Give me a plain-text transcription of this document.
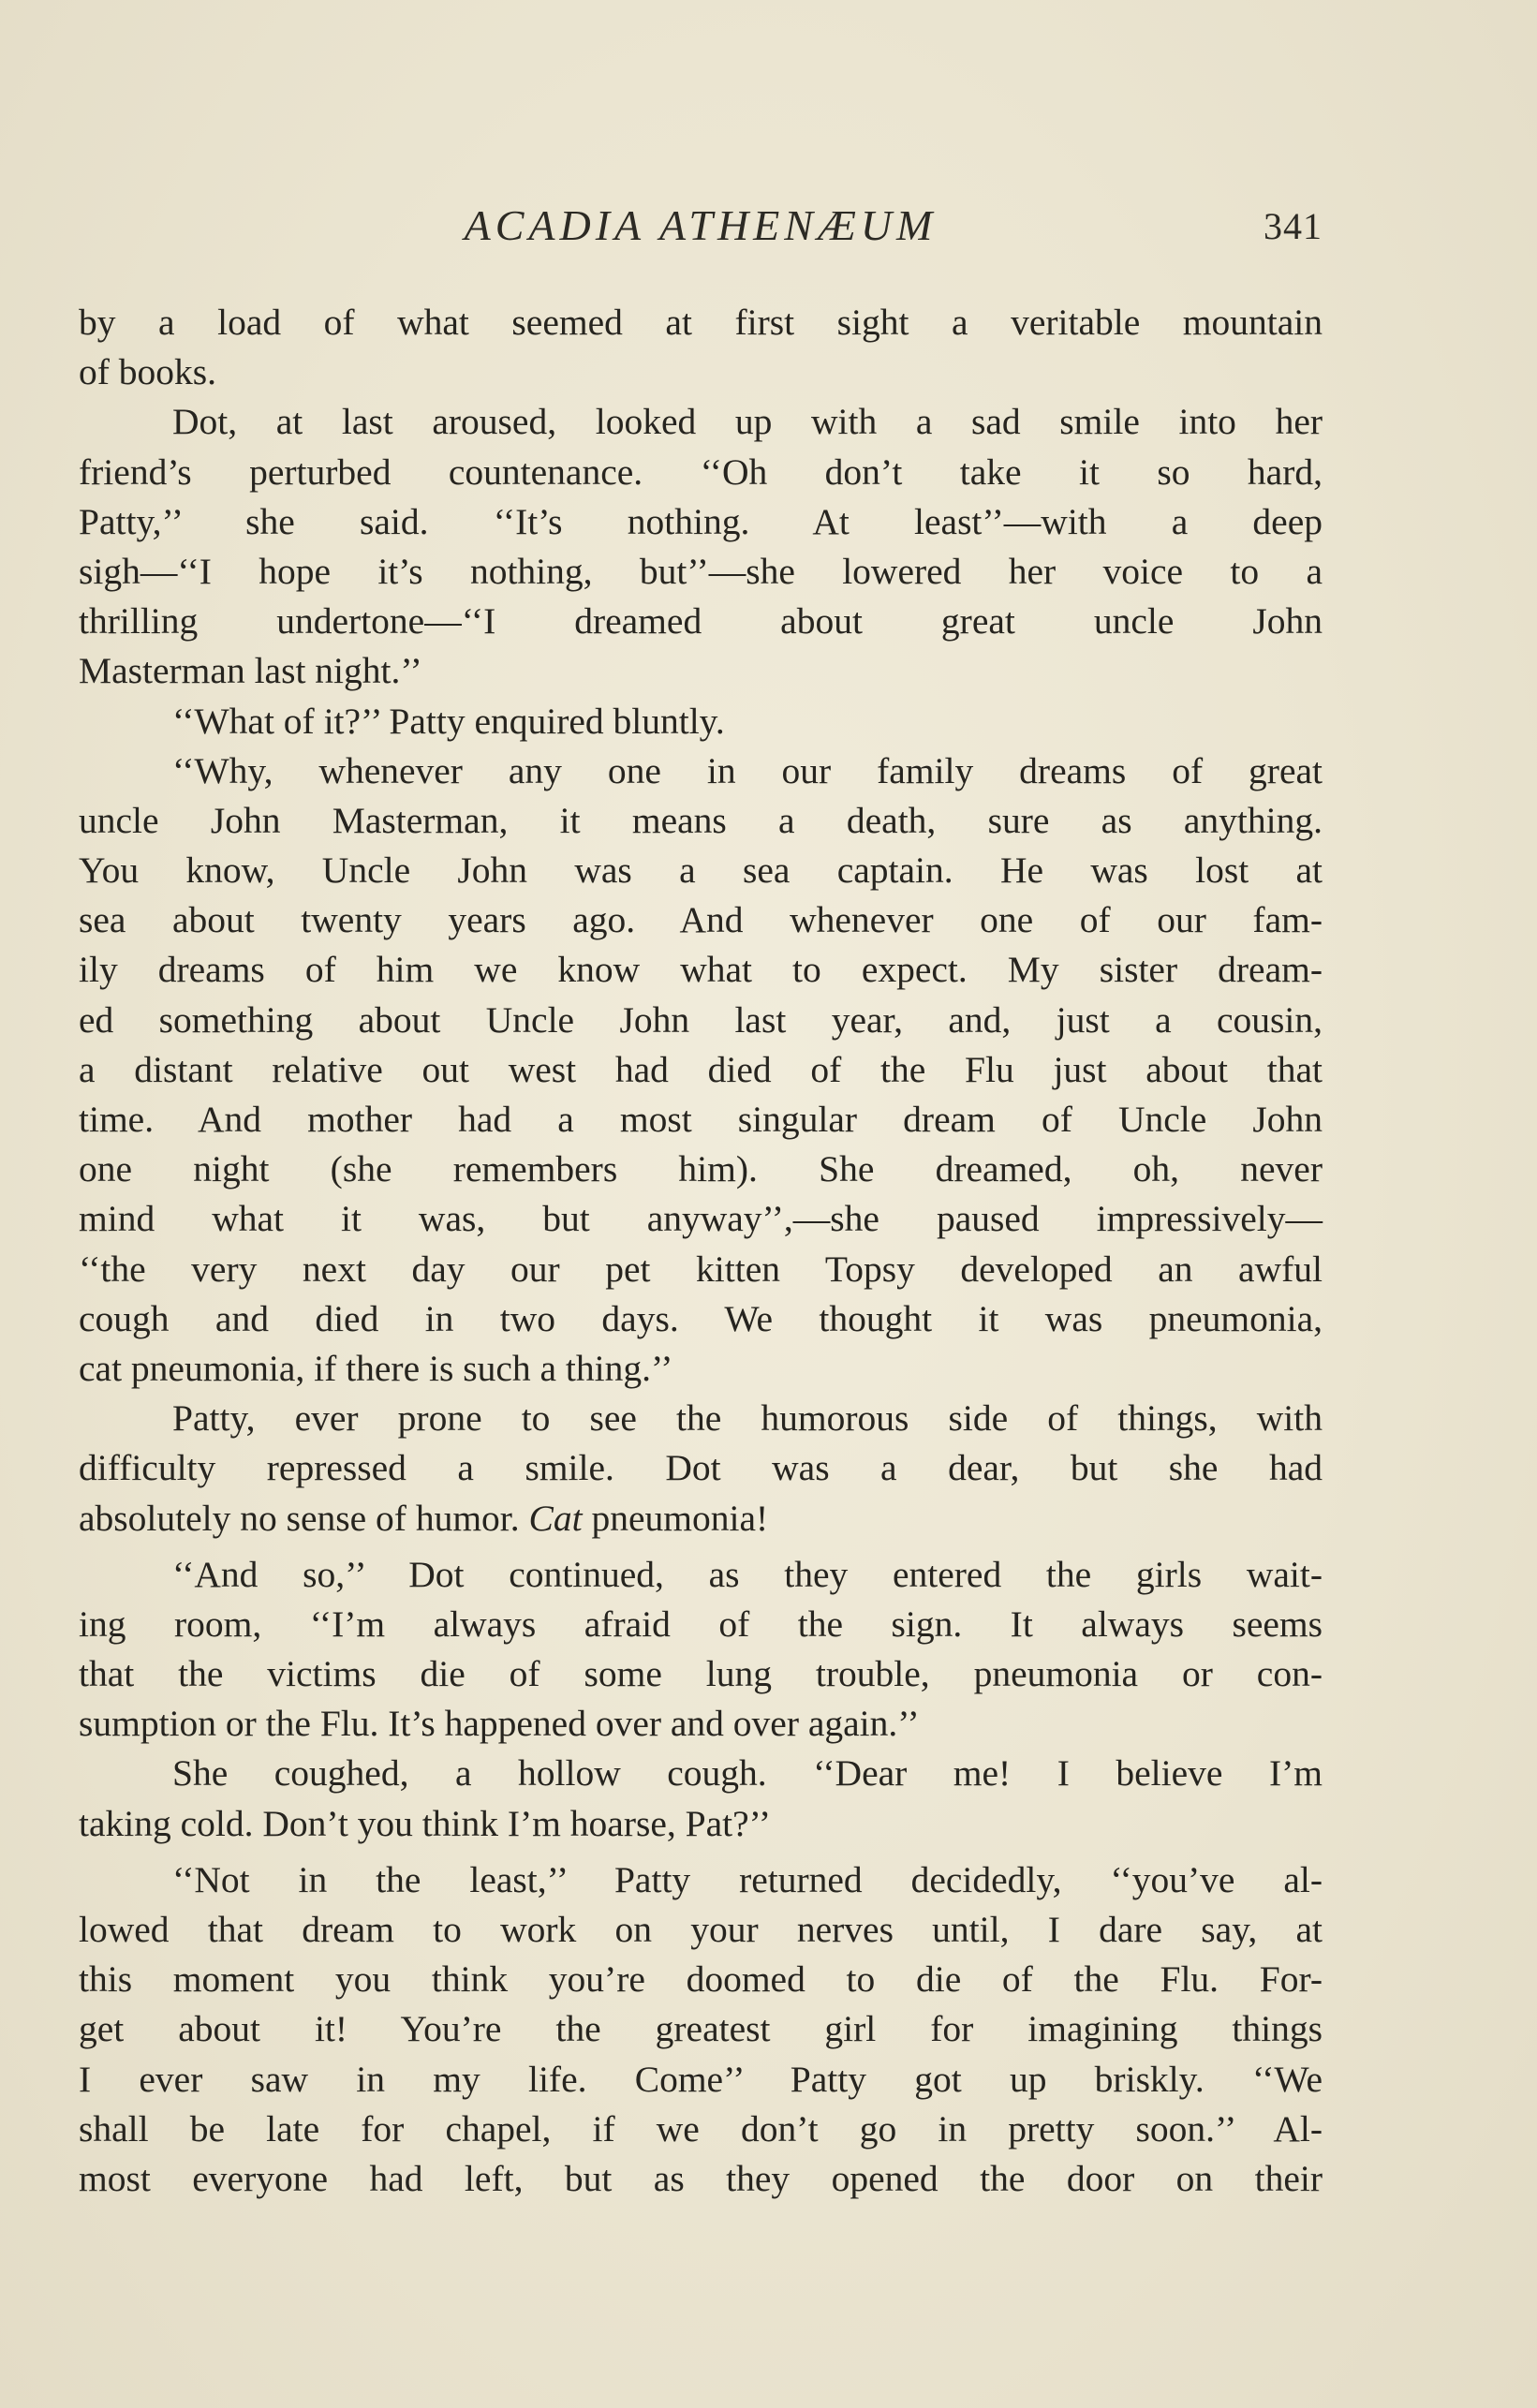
ACADIA ATHENÆUM	341
by a load of what seemed at first sight a veritable mountain
of books.
Dot, at last aroused, looked up with a sad smile into her
friend’s perturbed countenance. ‘‘Oh don’t take it so hard,
Patty,’’ she said. ‘‘It’s nothing. At least’’—with a deep
sigh—‘‘I hope it’s nothing, but’’—she lowered her voice to a
thrilling undertone—‘‘I dreamed about great uncle John
Masterman last night.’’
‘‘What of it?’’ Patty enquired bluntly.
‘‘Why, whenever any one in our family dreams of great
uncle John Masterman, it means a death, sure as anything.
You know, Uncle John was a sea captain. He was lost at
sea about twenty years ago. And whenever one of our fam-
ily dreams of him we know what to expect. My sister dream-
ed something about Uncle John last year, and, just a cousin,
a distant relative out west had died of the Flu just about that
time. And mother had a most singular dream of Uncle John
one night (she remembers him). She dreamed, oh, never
mind what it was, but anyway’’,—she paused impressively—
‘‘the very next day our pet kitten Topsy developed an awful
cough and died in two days. We thought it was pneumonia,
cat pneumonia, if there is such a thing.’’
Patty, ever prone to see the humorous side of things, with
difficulty repressed a smile. Dot was a dear, but she had
absolutely no sense of humor. Cat pneumonia!
‘‘And so,’’ Dot continued, as they entered the girls wait-
ing room, ‘‘I’m always afraid of the sign. It always seems
that the victims die of some lung trouble, pneumonia or con-
sumption or the Flu. It’s happened over and over again.’’
She coughed, a hollow cough. ‘‘Dear me! I believe I’m
taking cold. Don’t you think I’m hoarse, Pat?’’
‘‘Not in the least,’’ Patty returned decidedly, ‘‘you’ve al-
lowed that dream to work on your nerves until, I dare say, at
this moment you think you’re doomed to die of the Flu. For-
get about it! You’re the greatest girl for imagining things
I ever saw in my life. Come’’ Patty got up briskly. ‘‘We
shall be late for chapel, if we don’t go in pretty soon.’’ Al-
most everyone had left, but as they opened the door on their
